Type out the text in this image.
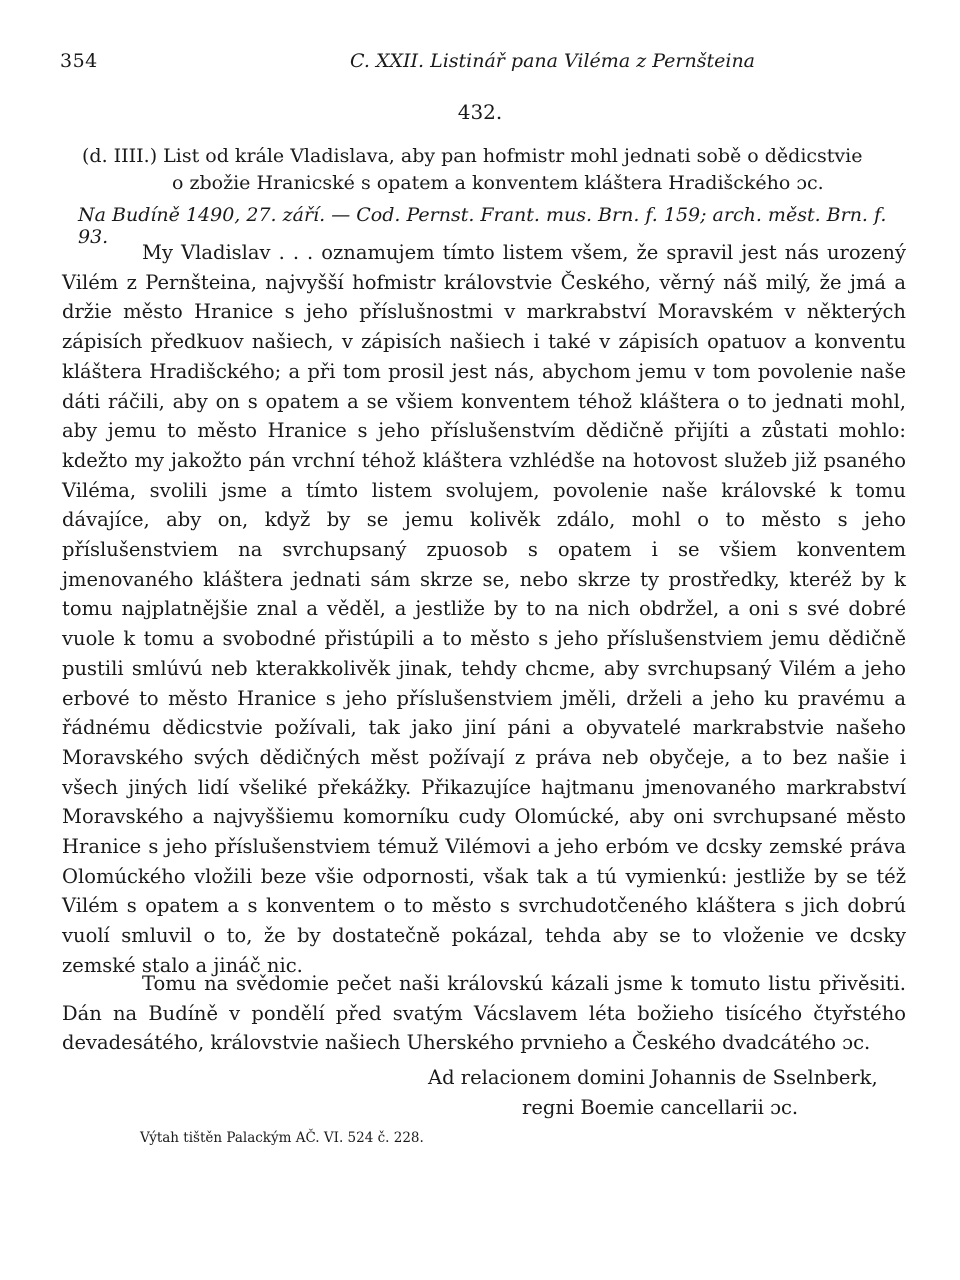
354	C. XXII. Listinář pana Viléma z Pernšteina
432.
(d. IIII.) List od krále Vladislava, aby pan hofmistr mohl jednati sobě o dědicstvie
o zbožie Hranicské s opatem a konventem kláštera Hradišckého ɔc.
Na Budíně 1490, 27. září. — Cod. Pernst. Frant. mus. Brn. f. 159; arch. měst. Brn. f. 93.

My Vladislav . . . oznamujem tímto listem všem, že spravil jest nás urozený Vilém z Pernšteina, najvyšší hofmistr královstvie Českého, věrný náš milý, že jmá a držie město Hranice s jeho příslušnostmi v markrabství Moravském v některých zápisích předkuov našiech, v zápisích našiech i také v zápisích opatuov a konventu kláštera Hradišckého; a při tom prosil jest nás, abychom jemu v tom povolenie naše dáti ráčili, aby on s opatem a se všiem konventem téhož kláštera o to jednati mohl, aby jemu to město Hranice s jeho příslušenstvím dědičně přijíti a zůstati mohlo: kdežto my jakožto pán vrchní téhož kláštera vzhlédše na hotovost služeb již psaného Viléma, svolili jsme a tímto listem svolujem, povolenie naše královské k tomu dávajíce, aby on, když by se jemu kolivěk zdálo, mohl o to město s jeho příslušenstviem na svrchupsaný zpuosob s opatem i se všiem konventem jmenovaného kláštera jednati sám skrze se, nebo skrze ty prostředky, kteréž by k tomu najplatnějšie znal a věděl, a jestliže by to na nich obdržel, a oni s své dobré vuole k tomu a svobodné přistúpili a to město s jeho příslušenstviem jemu dědičně pustili smlúvú neb kterakkolivěk jinak, tehdy chcme, aby svrchupsaný Vilém a jeho erbové to město Hranice s jeho příslušenstviem jměli, drželi a jeho ku pravému a řádnému dědicstvie požívali, tak jako jiní páni a obyvatelé markrabstvie našeho Moravského svých dědičných měst požívají z práva neb obyčeje, a to bez našie i všech jiných lidí všeliké překážky. Přikazujíce hajtmanu jmenovaného markrabství Moravského a najvyššiemu komorníku cudy Olomúcké, aby oni svrchupsané město Hranice s jeho příslušenstviem témuž Vilémovi a jeho erbóm ve dcsky zemské práva Olomúckého vložili beze všie odpornosti, však tak a tú vymienkú: jestliže by se též Vilém s opatem a s konventem o to město s svrchudotčeného kláštera s jich dobrú vuolí smluvil o to, že by dostatečně pokázal, tehda aby se to vloženie ve dcsky zemské stalo a jináč nic.

Tomu na svědomie pečet naši královskú kázali jsme k tomuto listu přivěsiti. Dán na Budíně v pondělí před svatým Vácslavem léta božieho tisícého čtyřstého devadesátého, královstvie našiech Uherského prvnieho a Českého dvadcátého ɔc.

Ad relacionem domini Johannis de Sselnberk,
regni Boemie cancellarii ɔc.
Výtah tištěn Palackým AČ. VI. 524 č. 228.
